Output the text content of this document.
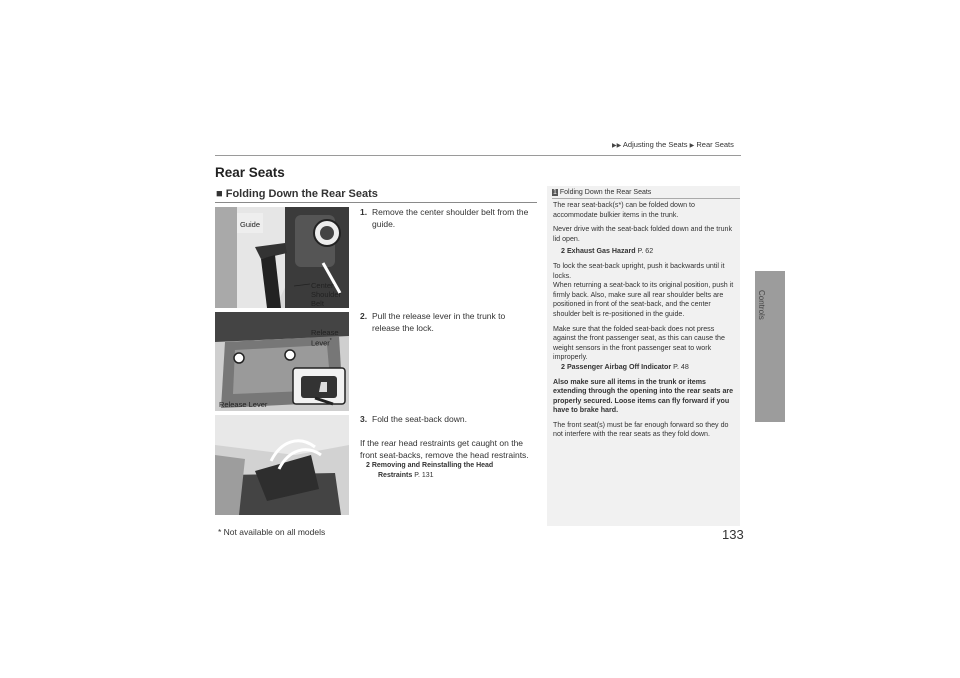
▶▶ Adjusting the Seats ▶ Rear Seats
Rear Seats
■ Folding Down the Rear Seats
Guide
Center
Shoulder
Belt
Release
Lever*
Release Lever
1. Remove the center shoulder belt from the guide.
2. Pull the release lever in the trunk to release the lock.
3. Fold the seat-back down.
If the rear head restraints get caught on the front seat-backs, remove the head restraints.
2 Removing and Reinstalling the Head
Restraints P. 131
1 Folding Down the Rear Seats

The rear seat-back(s*) can be folded down to accommodate bulkier items in the trunk.

Never drive with the seat-back folded down and the trunk lid open.

2 Exhaust Gas Hazard P. 62

To lock the seat-back upright, push it backwards until it locks.

When returning a seat-back to its original position, push it firmly back. Also, make sure all rear shoulder belts are positioned in front of the seat-back, and the center shoulder belt is re-positioned in the guide.

Make sure that the folded seat-back does not press against the front passenger seat, as this can cause the weight sensors in the front passenger seat to work improperly.

2 Passenger Airbag Off Indicator P. 48

Also make sure all items in the trunk or items extending through the opening into the rear seats are properly secured. Loose items can fly forward if you have to brake hard.

The front seat(s) must be far enough forward so they do not interfere with the rear seats as they fold down.

Controls
* Not available on all models	133
